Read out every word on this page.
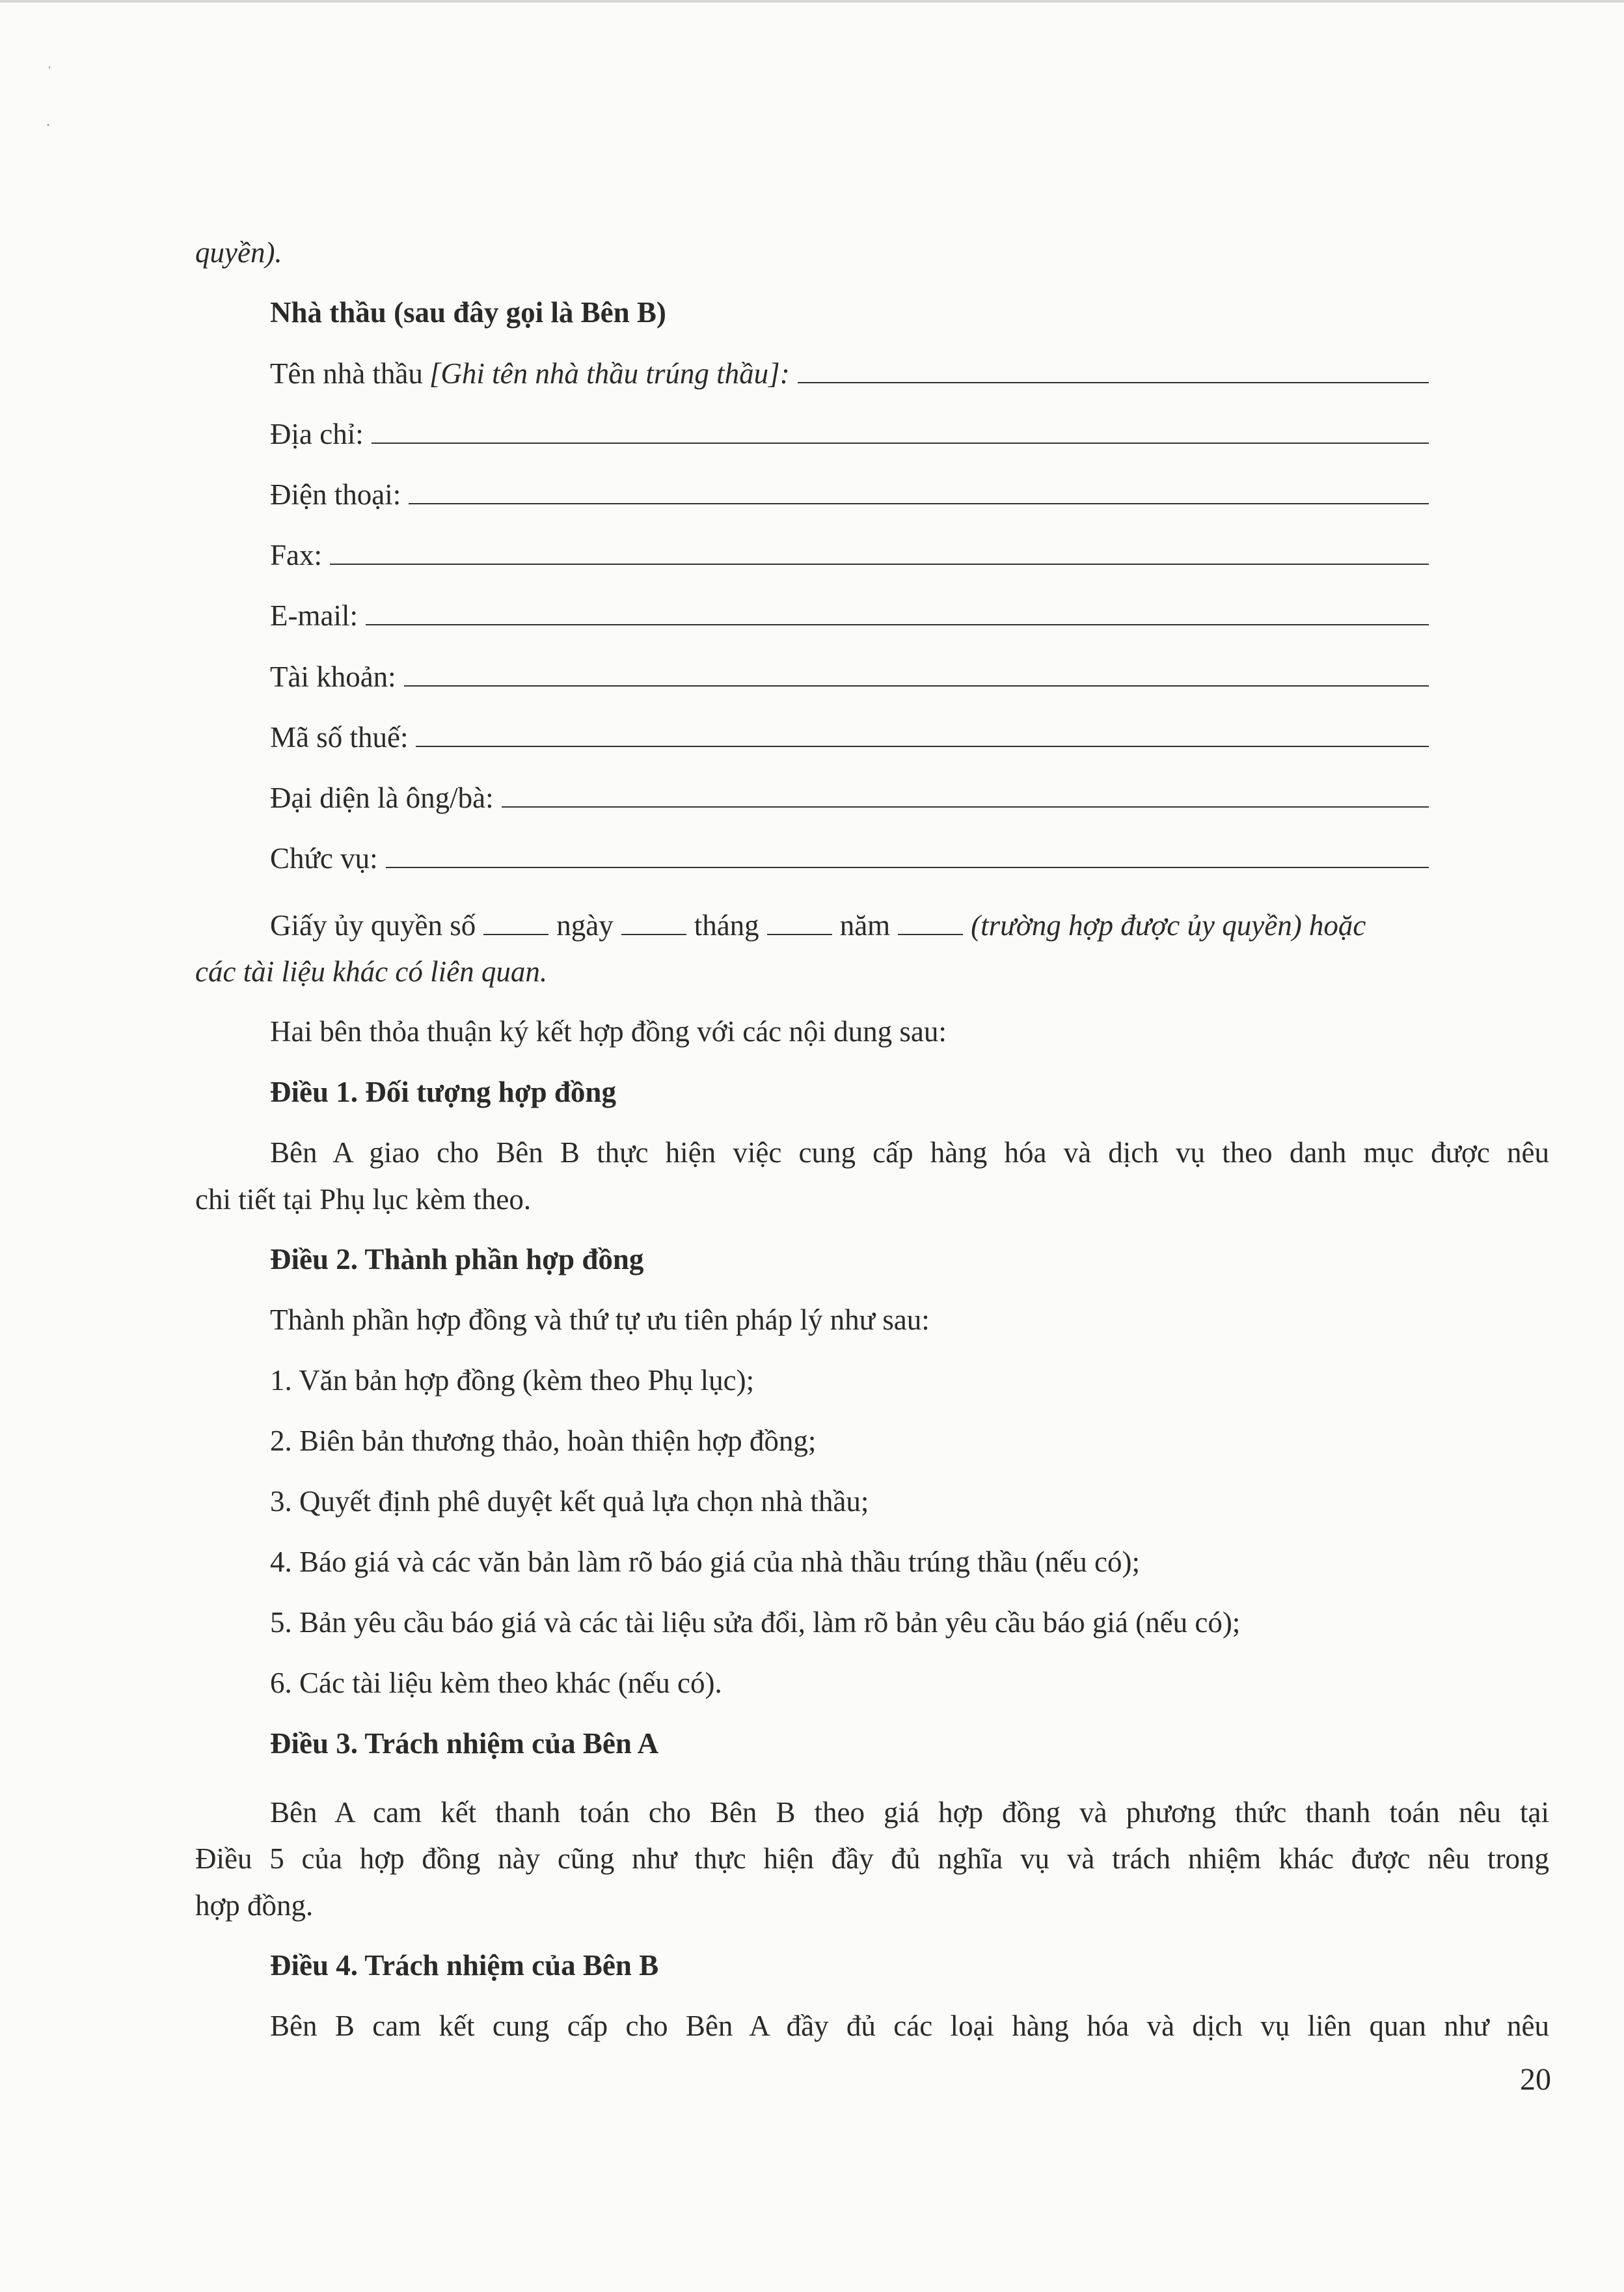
ˌ
·
quyền).
Nhà thầu (sau đây gọi là Bên B)
Tên nhà thầu [Ghi tên nhà thầu trúng thầu]:
Địa chỉ:
Điện thoại:
Fax:
E-mail:
Tài khoản:
Mã số thuế:
Đại diện là ông/bà:
Chức vụ:
Giấy ủy quyền số	ngày	tháng	năm	(trường hợp được ủy quyền) hoặc
các tài liệu khác có liên quan.
Hai bên thỏa thuận ký kết hợp đồng với các nội dung sau:
Điều 1. Đối tượng hợp đồng
Bên A giao cho Bên B thực hiện việc cung cấp hàng hóa và dịch vụ theo danh mục được nêu
chi tiết tại Phụ lục kèm theo.
Điều 2. Thành phần hợp đồng
Thành phần hợp đồng và thứ tự ưu tiên pháp lý như sau:
1. Văn bản hợp đồng (kèm theo Phụ lục);
2. Biên bản thương thảo, hoàn thiện hợp đồng;
3. Quyết định phê duyệt kết quả lựa chọn nhà thầu;
4. Báo giá và các văn bản làm rõ báo giá của nhà thầu trúng thầu (nếu có);
5. Bản yêu cầu báo giá và các tài liệu sửa đổi, làm rõ bản yêu cầu báo giá (nếu có);
6. Các tài liệu kèm theo khác (nếu có).
Điều 3. Trách nhiệm của Bên A
Bên A cam kết thanh toán cho Bên B theo giá hợp đồng và phương thức thanh toán nêu tại
Điều 5 của hợp đồng này cũng như thực hiện đầy đủ nghĩa vụ và trách nhiệm khác được nêu trong
hợp đồng.
Điều 4. Trách nhiệm của Bên B
Bên B cam kết cung cấp cho Bên A đầy đủ các loại hàng hóa và dịch vụ liên quan như nêu
20
